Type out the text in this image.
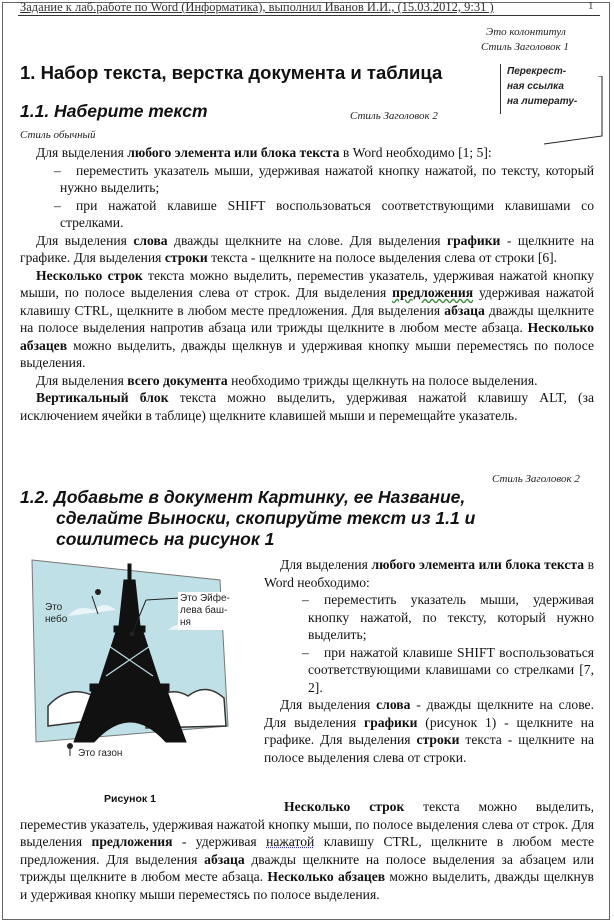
Задание к лаб.работе по Word (Информатика), выполнил Иванов И.И., (15.03.2012, 9:31 )	1
Это колонтитул
Стиль Заголовок 1
1. Набор текста, верстка документа и таблица	Перекрест-
ная ссылка
на литерату-
1.1. Наберите текст	Стиль Заголовок 2
Стиль обычный

Для выделения любого элемента или блока текста в Word необходимо [1; 5]:

– переместить указатель мыши, удерживая нажатой кнопку нажатой, по тексту, который нужно выделить;

– при нажатой клавише SHIFT воспользоваться соответствующими клавишами со стрелками.

Для выделения слова дважды щелкните на слове. Для выделения графики - щелкните на графике. Для выделения строки текста - щелкните на полосе выделения слева от строки [6].

Несколько строк текста можно выделить, переместив указатель, удерживая нажатой кнопку мыши, по полосе выделения слева от строк. Для выделения предложения удерживая нажатой клавишу CTRL, щелкните в любом месте предложения. Для выделения абзаца дважды щелкните на полосе выделения напротив абзаца или трижды щелкните в любом месте абзаца. Несколько абзацев можно выделить, дважды щелкнув и удерживая кнопку мыши переместясь по полосе выделения.

Для выделения всего документа необходимо трижды щелкнуть на полосе выделения.

Вертикальный блок текста можно выделить, удерживая нажатой клавишу ALT, (за исключением ячейки в таблице) щелкните клавишей мыши и перемещайте указатель.

Стиль Заголовок 2
1.2. Добавьте в документ Картинку, ее Название, сделайте Выноски, скопируйте текст из 1.1 и сошлитесь на рисунок 1
Это
небо
Это Эйфе-
лева баш-
ня
Это газон
Рисунок 1

Для выделения любого элемента или блока текста в Word необходимо:

– переместить указатель мыши, удерживая кнопку нажатой, по тексту, который нужно выделить;

– при нажатой клавише SHIFT воспользоваться соответствующими клавишами со стрелками [7, 2].

Для выделения слова - дважды щелкните на слове. Для выделения графики (рисунок 1) - щелкните на графике. Для выделения строки текста - щелкните на полосе выделения слева от строки.

Несколько строк текста можно выделить, переместив указатель, удерживая нажатой кнопку мыши, по полосе выделения слева от строк. Для выделения предложения - удерживая нажатой клавишу CTRL, щелкните в любом месте предложения. Для выделения абзаца дважды щелкните на полосе выделения за абзацем или трижды щелкните в любом месте абзаца. Несколько абзацев можно выделить, дважды щелкнув и удерживая кнопку мыши переместясь по полосе выделения.
